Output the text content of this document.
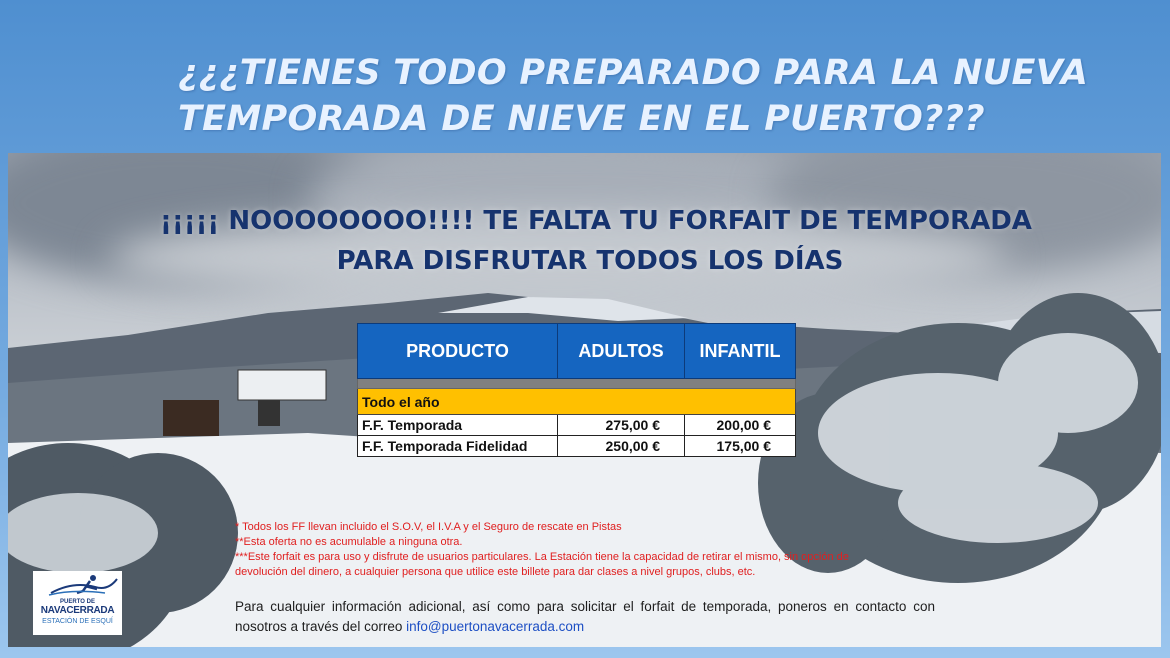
¿¿¿TIENES TODO PREPARADO PARA LA NUEVA
TEMPORADA DE NIEVE EN EL PUERTO???
¡¡¡¡¡ NOOOOOOOO!!!! TE FALTA TU FORFAIT DE TEMPORADA
PARA DISFRUTAR TODOS LOS DÍAS
PRODUCTO	ADULTOS	INFANTIL

Todo el año		
F.F. Temporada	275,00 €	200,00 €
F.F. Temporada Fidelidad	250,00 €	175,00 €
* Todos los FF llevan incluido el S.O.V, el I.V.A y el Seguro de rescate en Pistas
**Esta oferta no es acumulable a ninguna otra.
***Este forfait es para uso y disfrute de usuarios particulares. La Estación tiene la capacidad de retirar el mismo, sin opción de
devolución del dinero, a cualquier persona que utilice este billete para dar clases a nivel grupos, clubs, etc.
Para cualquier información adicional, así como para solicitar el forfait de temporada, poneros en contacto con nosotros a través del correo info@puertonavacerrada.com
PUERTO DE
NAVACERRADA
ESTACIÓN DE ESQUÍ
